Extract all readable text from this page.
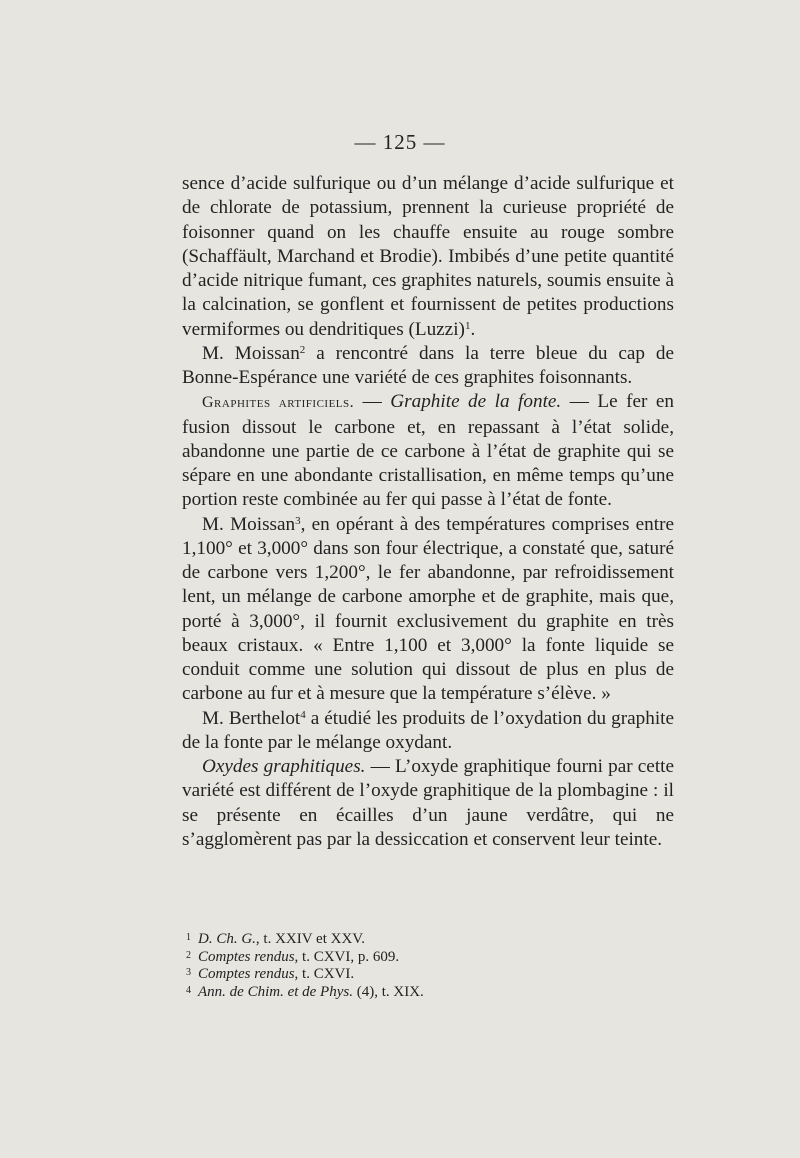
— 125 —

sence d’acide sulfurique ou d’un mélange d’acide sulfurique et de chlorate de potassium, prennent la curieuse propriété de foisonner quand on les chauffe ensuite au rouge sombre (Schaffäult, Marchand et Brodie). Imbibés d’une petite quantité d’acide nitrique fumant, ces graphites naturels, soumis ensuite à la calcination, se gonflent et fournissent de petites productions vermiformes ou dendritiques (Luzzi)$^1$.

M. Moissan$^2$ a rencontré dans la terre bleue du cap de Bonne-Espérance une variété de ces graphites foisonnants.

Graphites artificiels. — Graphite de la fonte. — Le fer en fusion dissout le carbone et, en repassant à l’état solide, abandonne une partie de ce carbone à l’état de graphite qui se sépare en une abondante cristallisation, en même temps qu’une portion reste combinée au fer qui passe à l’état de fonte.

M. Moissan$^3$, en opérant à des températures comprises entre 1,100° et 3,000° dans son four électrique, a constaté que, saturé de carbone vers 1,200°, le fer abandonne, par refroidissement lent, un mélange de carbone amorphe et de graphite, mais que, porté à 3,000°, il fournit exclusivement du graphite en très beaux cristaux. « Entre 1,100 et 3,000° la fonte liquide se conduit comme une solution qui dissout de plus en plus de carbone au fur et à mesure que la température s’élève. »

M. Berthelot$^4$ a étudié les produits de l’oxydation du graphite de la fonte par le mélange oxydant.

Oxydes graphitiques. — L’oxyde graphitique fourni par cette variété est différent de l’oxyde graphitique de la plombagine : il se présente en écailles d’un jaune verdâtre, qui ne s’agglomèrent pas par la dessiccation et conservent leur teinte.

1 D. Ch. G., t. XXIV et XXV.
2 Comptes rendus, t. CXVI, p. 609.
3 Comptes rendus, t. CXVI.
4 Ann. de Chim. et de Phys. (4), t. XIX.
